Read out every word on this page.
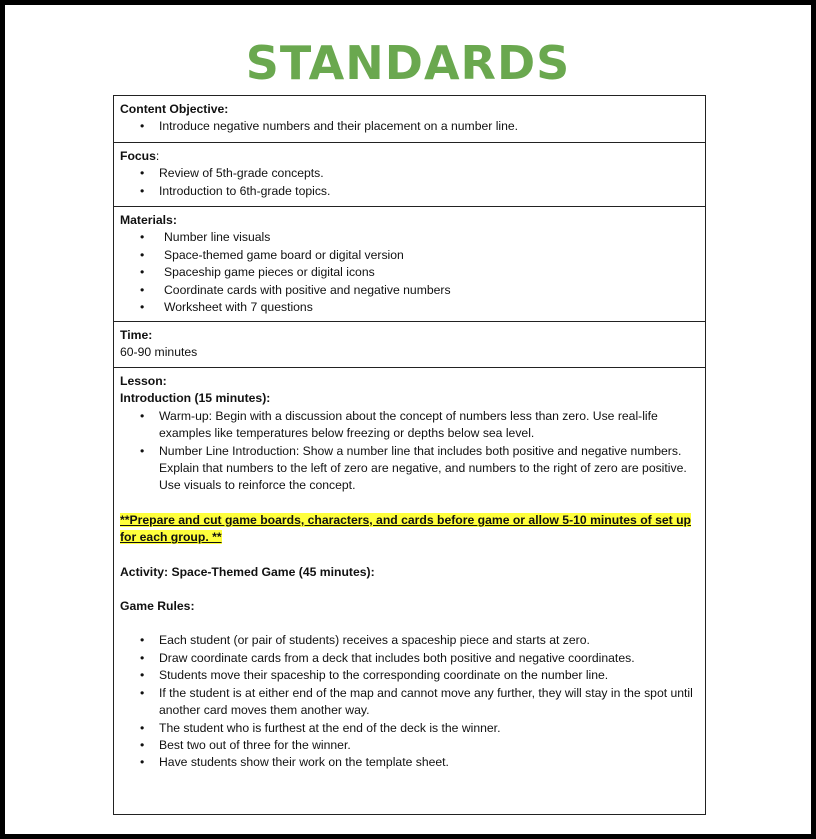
STANDARDS
Content Objective:
• Introduce negative numbers and their placement on a number line.
Focus:
• Review of 5th-grade concepts.
• Introduction to 6th-grade topics.
Materials:
• Number line visuals
• Space-themed game board or digital version
• Spaceship game pieces or digital icons
• Coordinate cards with positive and negative numbers
• Worksheet with 7 questions
Time:
60-90 minutes
Lesson:
Introduction (15 minutes):
• Warm-up: Begin with a discussion about the concept of numbers less than zero. Use real-life examples like temperatures below freezing or depths below sea level.
• Number Line Introduction: Show a number line that includes both positive and negative numbers. Explain that numbers to the left of zero are negative, and numbers to the right of zero are positive. Use visuals to reinforce the concept.
**Prepare and cut game boards, characters, and cards before game or allow 5-10 minutes of set up for each group. **
Activity: Space-Themed Game (45 minutes):
Game Rules:
• Each student (or pair of students) receives a spaceship piece and starts at zero.
• Draw coordinate cards from a deck that includes both positive and negative coordinates.
• Students move their spaceship to the corresponding coordinate on the number line.
• If the student is at either end of the map and cannot move any further, they will stay in the spot until another card moves them another way.
• The student who is furthest at the end of the deck is the winner.
• Best two out of three for the winner.
• Have students show their work on the template sheet.
